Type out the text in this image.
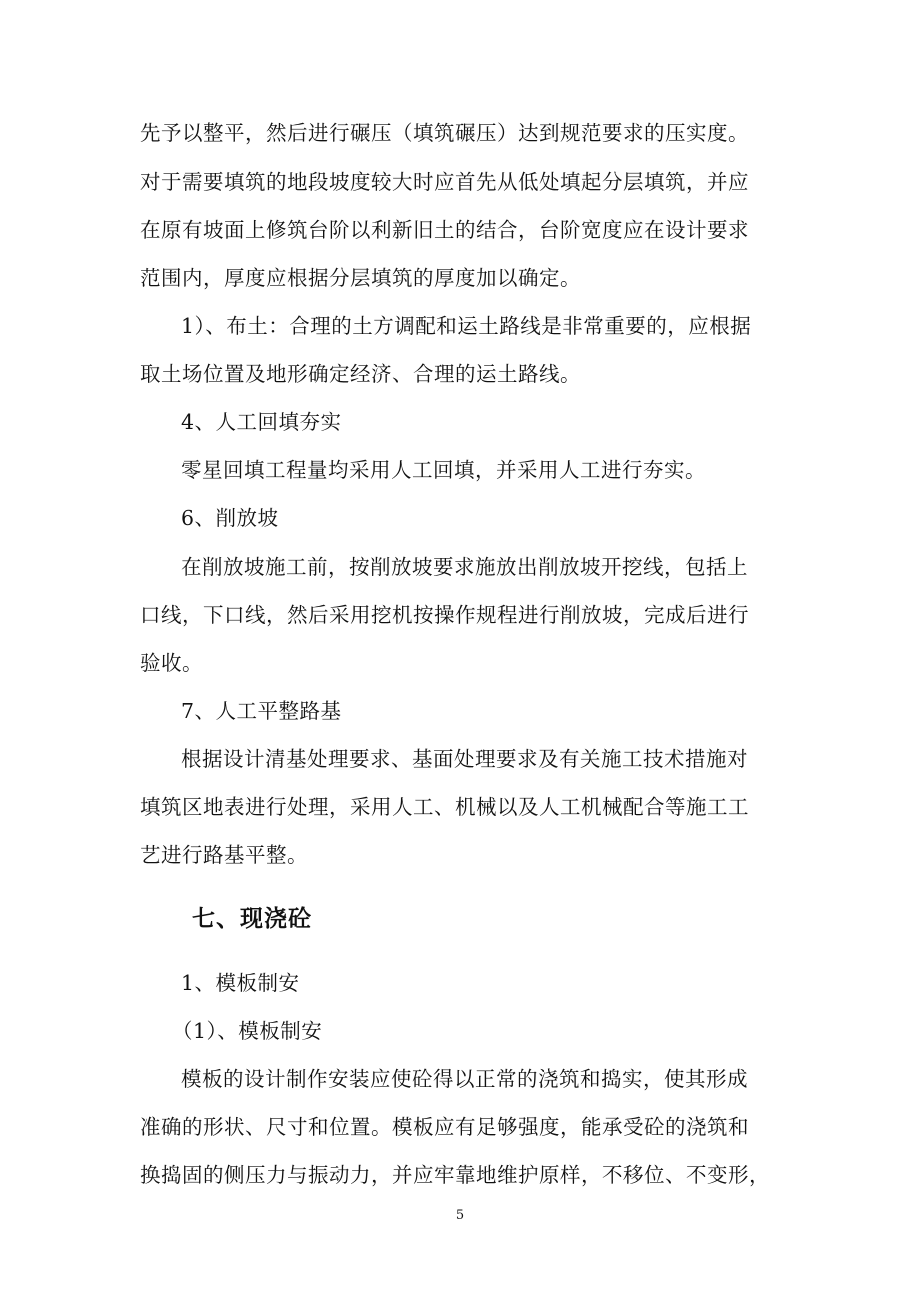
先予以整平，然后进行碾压（填筑碾压）达到规范要求的压实度。
对于需要填筑的地段坡度较大时应首先从低处填起分层填筑，并应
在原有坡面上修筑台阶以利新旧土的结合，台阶宽度应在设计要求
范围内，厚度应根据分层填筑的厚度加以确定。
1）、布土：合理的土方调配和运土路线是非常重要的，应根据
取土场位置及地形确定经济、合理的运土路线。
4、人工回填夯实
零星回填工程量均采用人工回填，并采用人工进行夯实。
6、削放坡
在削放坡施工前，按削放坡要求施放出削放坡开挖线，包括上
口线，下口线，然后采用挖机按操作规程进行削放坡，完成后进行
验收。
7、人工平整路基
根据设计清基处理要求、基面处理要求及有关施工技术措施对
填筑区地表进行处理，采用人工、机械以及人工机械配合等施工工
艺进行路基平整。
七、现浇砼
1、模板制安
（1）、模板制安
模板的设计制作安装应使砼得以正常的浇筑和捣实，使其形成
准确的形状、尺寸和位置。模板应有足够强度，能承受砼的浇筑和
换捣固的侧压力与振动力，并应牢靠地维护原样，不移位、不变形，
5
